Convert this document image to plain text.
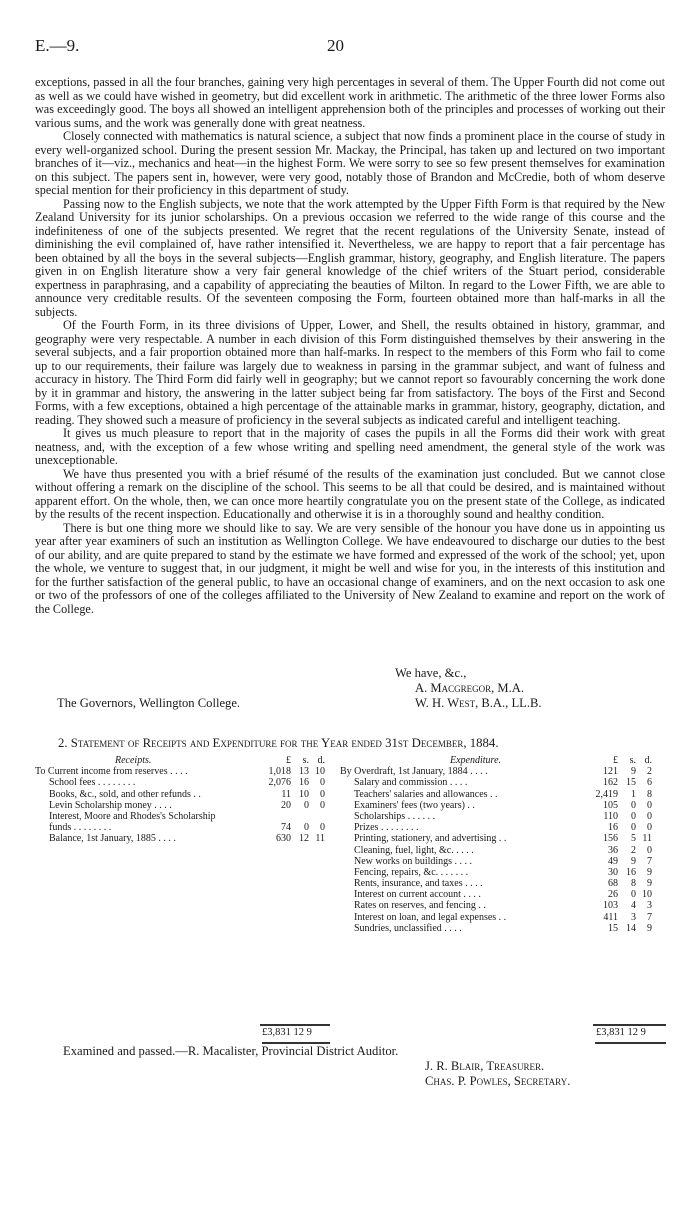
E.—9.	20

exceptions, passed in all the four branches, gaining very high percentages in several of them. The Upper Fourth did not come out as well as we could have wished in geometry, but did excellent work in arithmetic. The arithmetic of the three lower Forms also was exceedingly good. The boys all showed an intelligent apprehension both of the principles and processes of working out their various sums, and the work was generally done with great neatness.

Closely connected with mathematics is natural science, a subject that now finds a prominent place in the course of study in every well-organized school. During the present session Mr. Mackay, the Principal, has taken up and lectured on two important branches of it—viz., mechanics and heat—in the highest Form. We were sorry to see so few present themselves for examination on this subject. The papers sent in, however, were very good, notably those of Brandon and McCredie, both of whom deserve special mention for their proficiency in this department of study.

Passing now to the English subjects, we note that the work attempted by the Upper Fifth Form is that required by the New Zealand University for its junior scholarships. On a previous occasion we referred to the wide range of this course and the indefiniteness of one of the subjects presented. We regret that the recent regulations of the University Senate, instead of diminishing the evil complained of, have rather intensified it. Nevertheless, we are happy to report that a fair percentage has been obtained by all the boys in the several subjects—English grammar, history, geography, and English literature. The papers given in on English literature show a very fair general knowledge of the chief writers of the Stuart period, considerable expertness in paraphrasing, and a capability of appreciating the beauties of Milton. In regard to the Lower Fifth, we are able to announce very creditable results. Of the seventeen composing the Form, fourteen obtained more than half-marks in all the subjects.

Of the Fourth Form, in its three divisions of Upper, Lower, and Shell, the results obtained in history, grammar, and geography were very respectable. A number in each division of this Form distinguished themselves by their answering in the several subjects, and a fair proportion obtained more than half-marks. In respect to the members of this Form who fail to come up to our requirements, their failure was largely due to weakness in parsing in the grammar subject, and want of fulness and accuracy in history. The Third Form did fairly well in geography; but we cannot report so favourably concerning the work done by it in grammar and history, the answering in the latter subject being far from satisfactory. The boys of the First and Second Forms, with a few exceptions, obtained a high percentage of the attainable marks in grammar, history, geography, dictation, and reading. They showed such a measure of proficiency in the several subjects as indicated careful and intelligent teaching.

It gives us much pleasure to report that in the majority of cases the pupils in all the Forms did their work with great neatness, and, with the exception of a few whose writing and spelling need amendment, the general style of the work was unexceptionable.

We have thus presented you with a brief résumé of the results of the examination just concluded. But we cannot close without offering a remark on the discipline of the school. This seems to be all that could be desired, and is maintained without apparent effort. On the whole, then, we can once more heartily congratulate you on the present state of the College, as indicated by the results of the recent inspection. Educationally and otherwise it is in a thoroughly sound and healthy condition.

There is but one thing more we should like to say. We are very sensible of the honour you have done us in appointing us year after year examiners of such an institution as Wellington College. We have endeavoured to discharge our duties to the best of our ability, and are quite prepared to stand by the estimate we have formed and expressed of the work of the school; yet, upon the whole, we venture to suggest that, in our judgment, it might be well and wise for you, in the interests of this institution and for the further satisfaction of the general public, to have an occasional change of examiners, and on the next occasion to ask one or two of the professors of one of the colleges affiliated to the University of New Zealand to examine and report on the work of the College.

We have, &c.,
A. Macgregor, M.A.
The Governors, Wellington College.	W. H. West, B.A., LL.B.
2. Statement of Receipts and Expenditure for the Year ended 31st December, 1884.
Receipts.	£	s. d.
To Current income from reserves . . . .	1,018 13 10
School fees . . . . . . . .	2,076 16	0
Books, &c., sold, and other refunds . .	11 10	0
Levin Scholarship money . . . .	20	0	0
Interest, Moore and Rhodes's Scholarship
funds . . . . . . . .	74	0	0
Balance, 1st January, 1885 . . . .	630 12 11
Expenditure.	£	s. d.
By Overdraft, 1st January, 1884 . . . .	121	9	2
Salary and commission . . . .	162 15	6
Teachers' salaries and allowances . .	2,419	1	8
Examiners' fees (two years) . .	105	0	0
Scholarships . . . . . .	110	0	0
Prizes . . . . . . . .	16	0	0
Printing, stationery, and advertising . .	156	5 11
Cleaning, fuel, light, &c. . . . .	36	2	0
New works on buildings . . . .	49	9	7
Fencing, repairs, &c. . . . . . .	30 16	9
Rents, insurance, and taxes . . . .	68	8	9
Interest on current account . . . .	26	0 10
Rates on reserves, and fencing . .	103	4	3
Interest on loan, and legal expenses . .	411	3	7
Sundries, unclassified . . . .	15 14	9
£3,831 12 9	£3,831 12 9
Examined and passed.—R. Macalister, Provincial District Auditor.
J. R. Blair, Treasurer.
Chas. P. Powles, Secretary.
